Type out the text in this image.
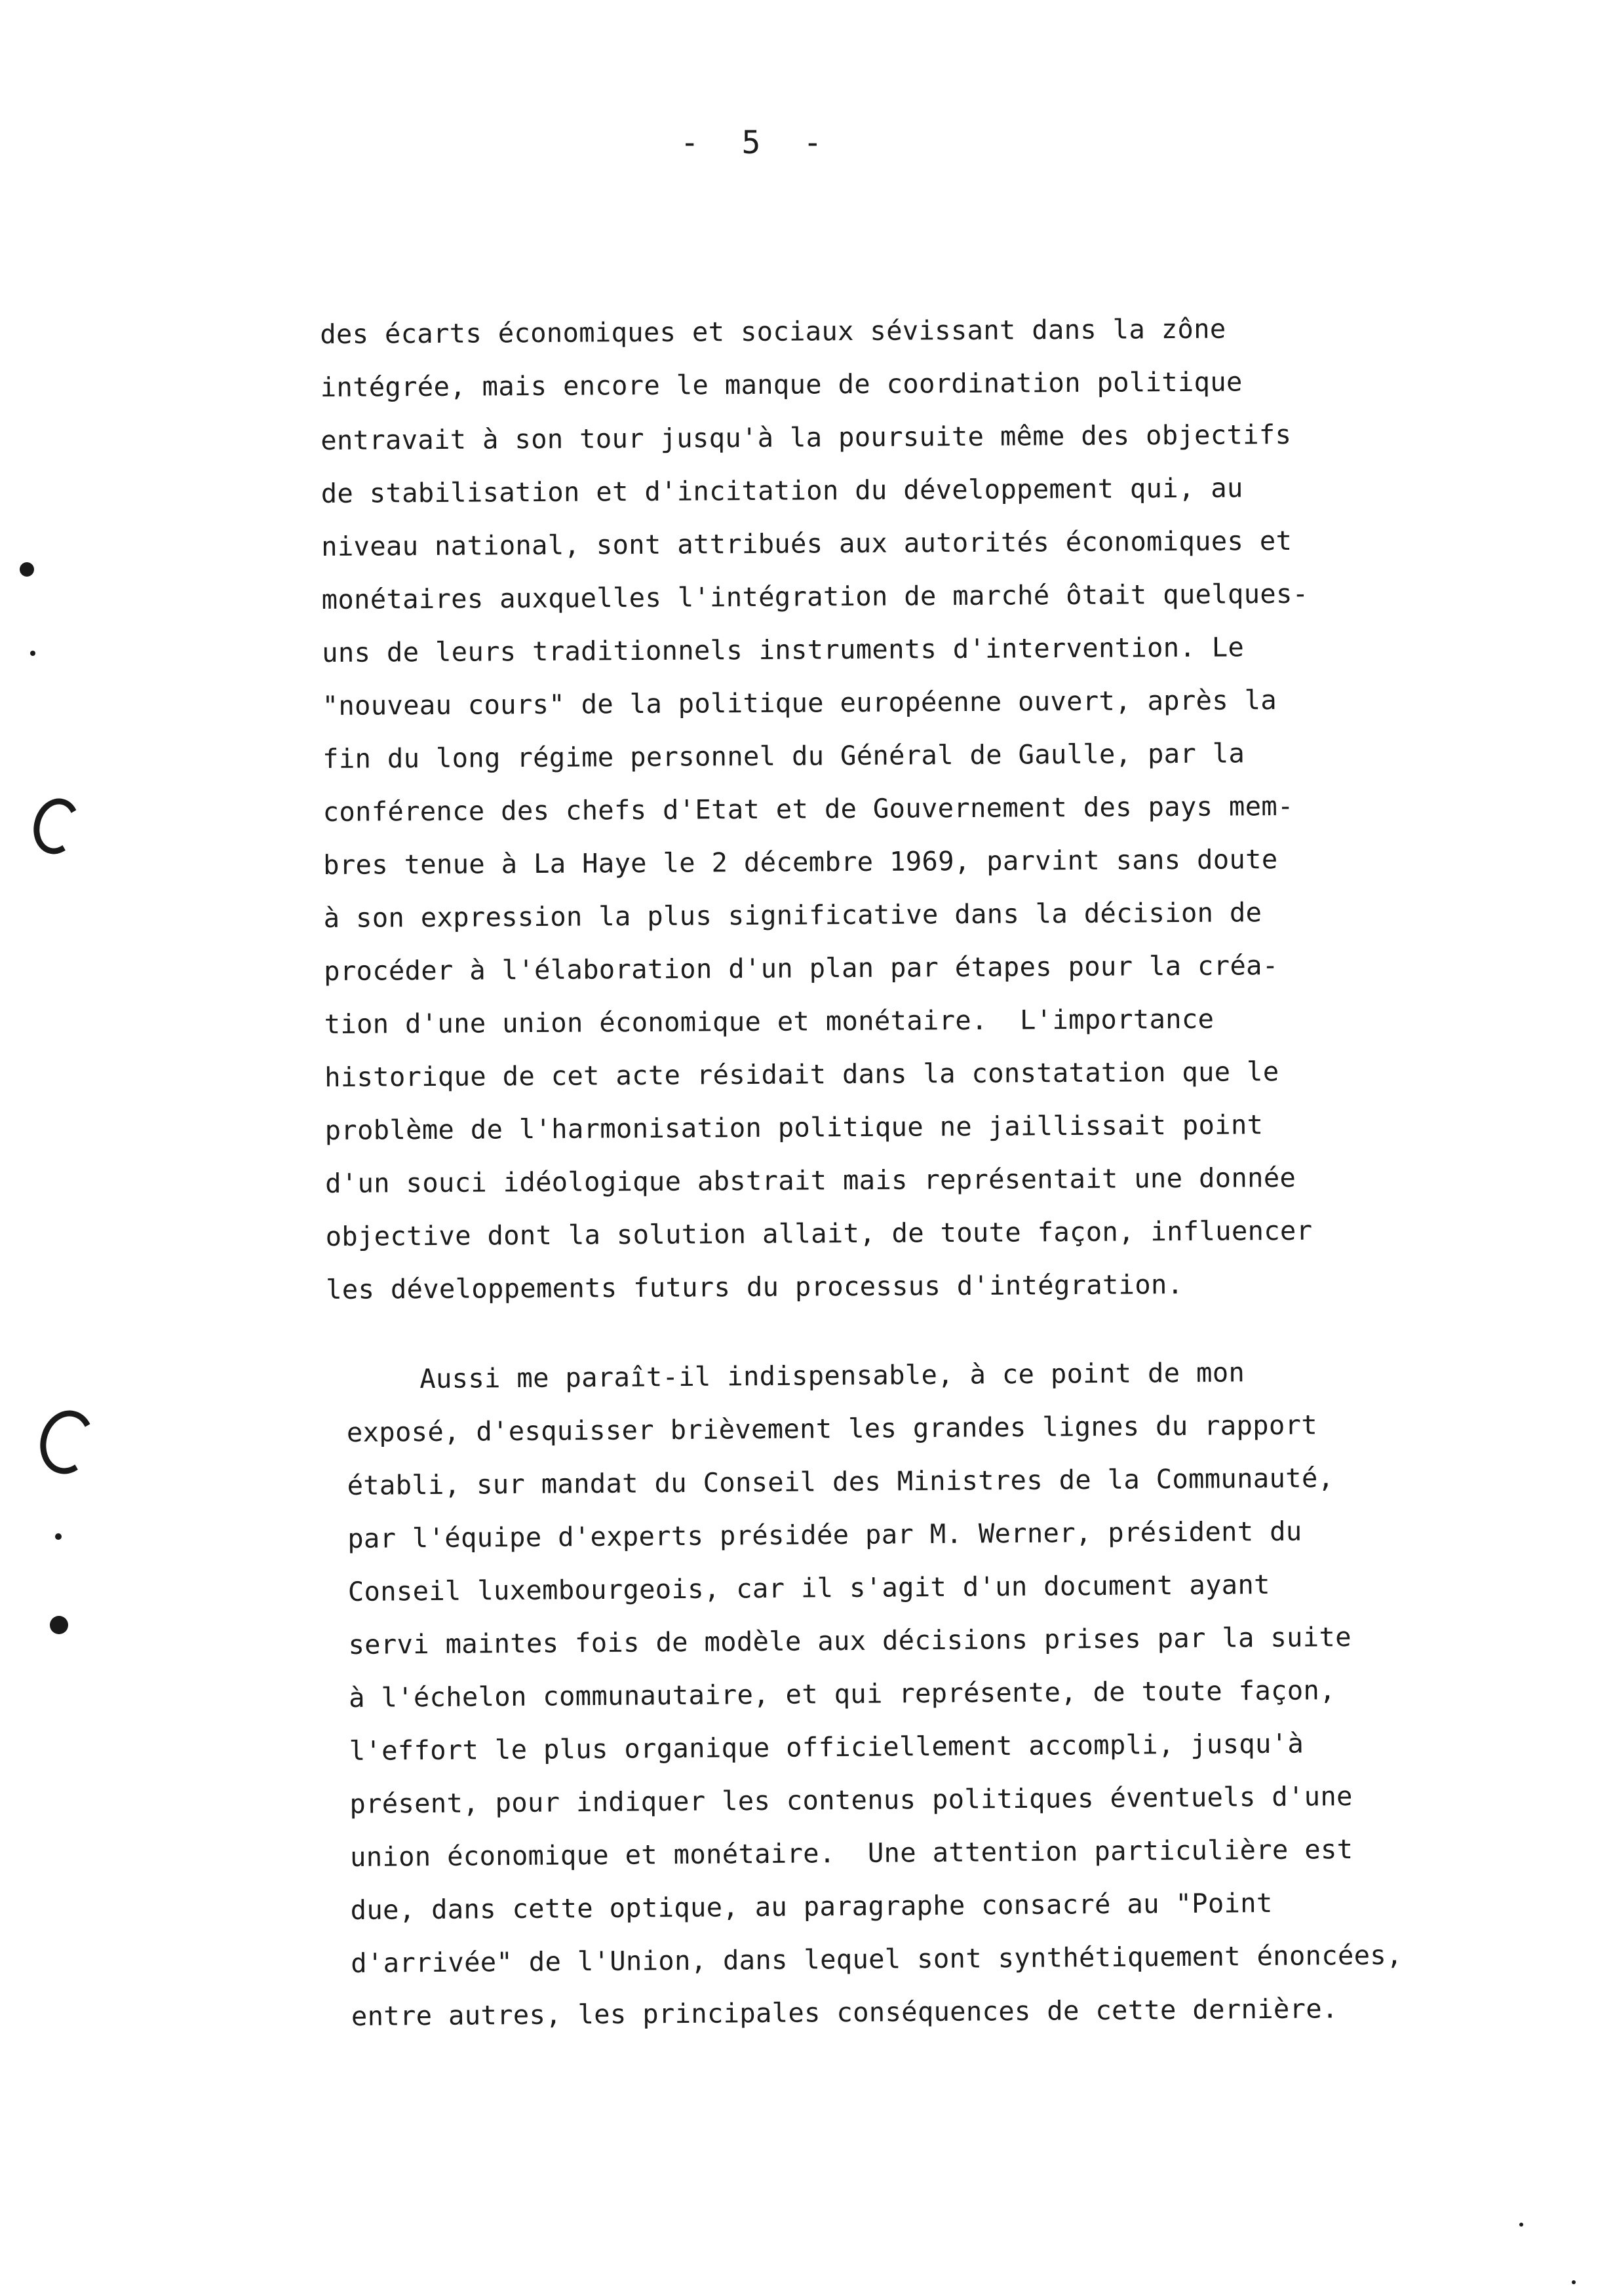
- 5 -
des écarts économiques et sociaux sévissant dans la zône
intégrée, mais encore le manque de coordination politique
entravait à son tour jusqu'à la poursuite même des objectifs
de stabilisation et d'incitation du développement qui, au
niveau national, sont attribués aux autorités économiques et
monétaires auxquelles l'intégration de marché ôtait quelques-
uns de leurs traditionnels instruments d'intervention. Le
"nouveau cours" de la politique européenne ouvert, après la
fin du long régime personnel du Général de Gaulle, par la
conférence des chefs d'Etat et de Gouvernement des pays mem-
bres tenue à La Haye le 2 décembre 1969, parvint sans doute
à son expression la plus significative dans la décision de
procéder à l'élaboration d'un plan par étapes pour la créa-
tion d'une union économique et monétaire.  L'importance
historique de cet acte résidait dans la constatation que le
problème de l'harmonisation politique ne jaillissait point
d'un souci idéologique abstrait mais représentait une donnée
objective dont la solution allait, de toute façon, influencer
les développements futurs du processus d'intégration.
Aussi me paraît-il indispensable, à ce point de mon
exposé, d'esquisser brièvement les grandes lignes du rapport
établi, sur mandat du Conseil des Ministres de la Communauté,
par l'équipe d'experts présidée par M. Werner, président du
Conseil luxembourgeois, car il s'agit d'un document ayant
servi maintes fois de modèle aux décisions prises par la suite
à l'échelon communautaire, et qui représente, de toute façon,
l'effort le plus organique officiellement accompli, jusqu'à
présent, pour indiquer les contenus politiques éventuels d'une
union économique et monétaire.  Une attention particulière est
due, dans cette optique, au paragraphe consacré au "Point
d'arrivée" de l'Union, dans lequel sont synthétiquement énoncées,
entre autres, les principales conséquences de cette dernière.
